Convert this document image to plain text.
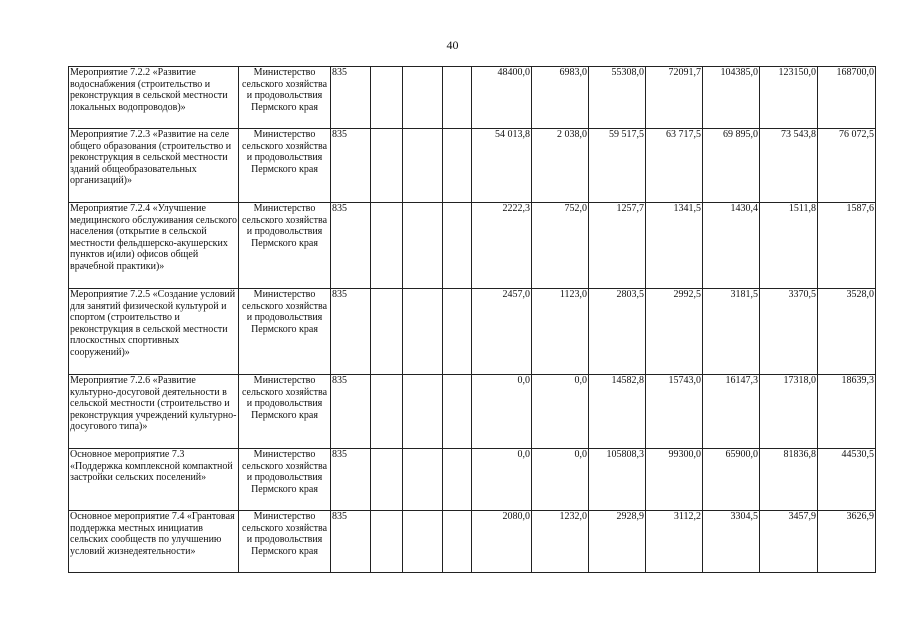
40
Мероприятие 7.2.2 «Развитие водоснабжения (строительство и реконструкция в сельской местности локальных водопроводов)»	Министерство сельского хозяйства и продовольствия Пермского края	835				48400,0	6983,0	55308,0	72091,7	104385,0	123150,0	168700,0
Мероприятие 7.2.3 «Развитие на селе общего образования (строительство и реконструкция в сельской местности зданий общеобразовательных организаций)»	Министерство сельского хозяйства и продовольствия Пермского края	835				54 013,8	2 038,0	59 517,5	63 717,5	69 895,0	73 543,8	76 072,5
Мероприятие 7.2.4 «Улучшение медицинского обслуживания сельского населения (открытие в сельской местности фельдшерско-акушерских пунктов и(или) офисов общей врачебной практики)»	Министерство сельского хозяйства и продовольствия Пермского края	835				2222,3	752,0	1257,7	1341,5	1430,4	1511,8	1587,6
Мероприятие 7.2.5 «Создание условий для занятий физической культурой и спортом (строительство и реконструкция в сельской местности плоскостных спортивных сооружений)»	Министерство сельского хозяйства и продовольствия Пермского края	835				2457,0	1123,0	2803,5	2992,5	3181,5	3370,5	3528,0
Мероприятие 7.2.6 «Развитие культурно-досуговой деятельности в сельской местности (строительство и реконструкция учреждений культурно-досугового типа)»	Министерство сельского хозяйства и продовольствия Пермского края	835				0,0	0,0	14582,8	15743,0	16147,3	17318,0	18639,3
Основное мероприятие 7.3 «Поддержка комплексной компактной застройки сельских поселений»	Министерство сельского хозяйства и продовольствия Пермского края	835				0,0	0,0	105808,3	99300,0	65900,0	81836,8	44530,5
Основное мероприятие 7.4 «Грантовая поддержка местных инициатив сельских сообществ по улучшению условий жизнедеятельности»	Министерство сельского хозяйства и продовольствия Пермского края	835				2080,0	1232,0	2928,9	3112,2	3304,5	3457,9	3626,9
